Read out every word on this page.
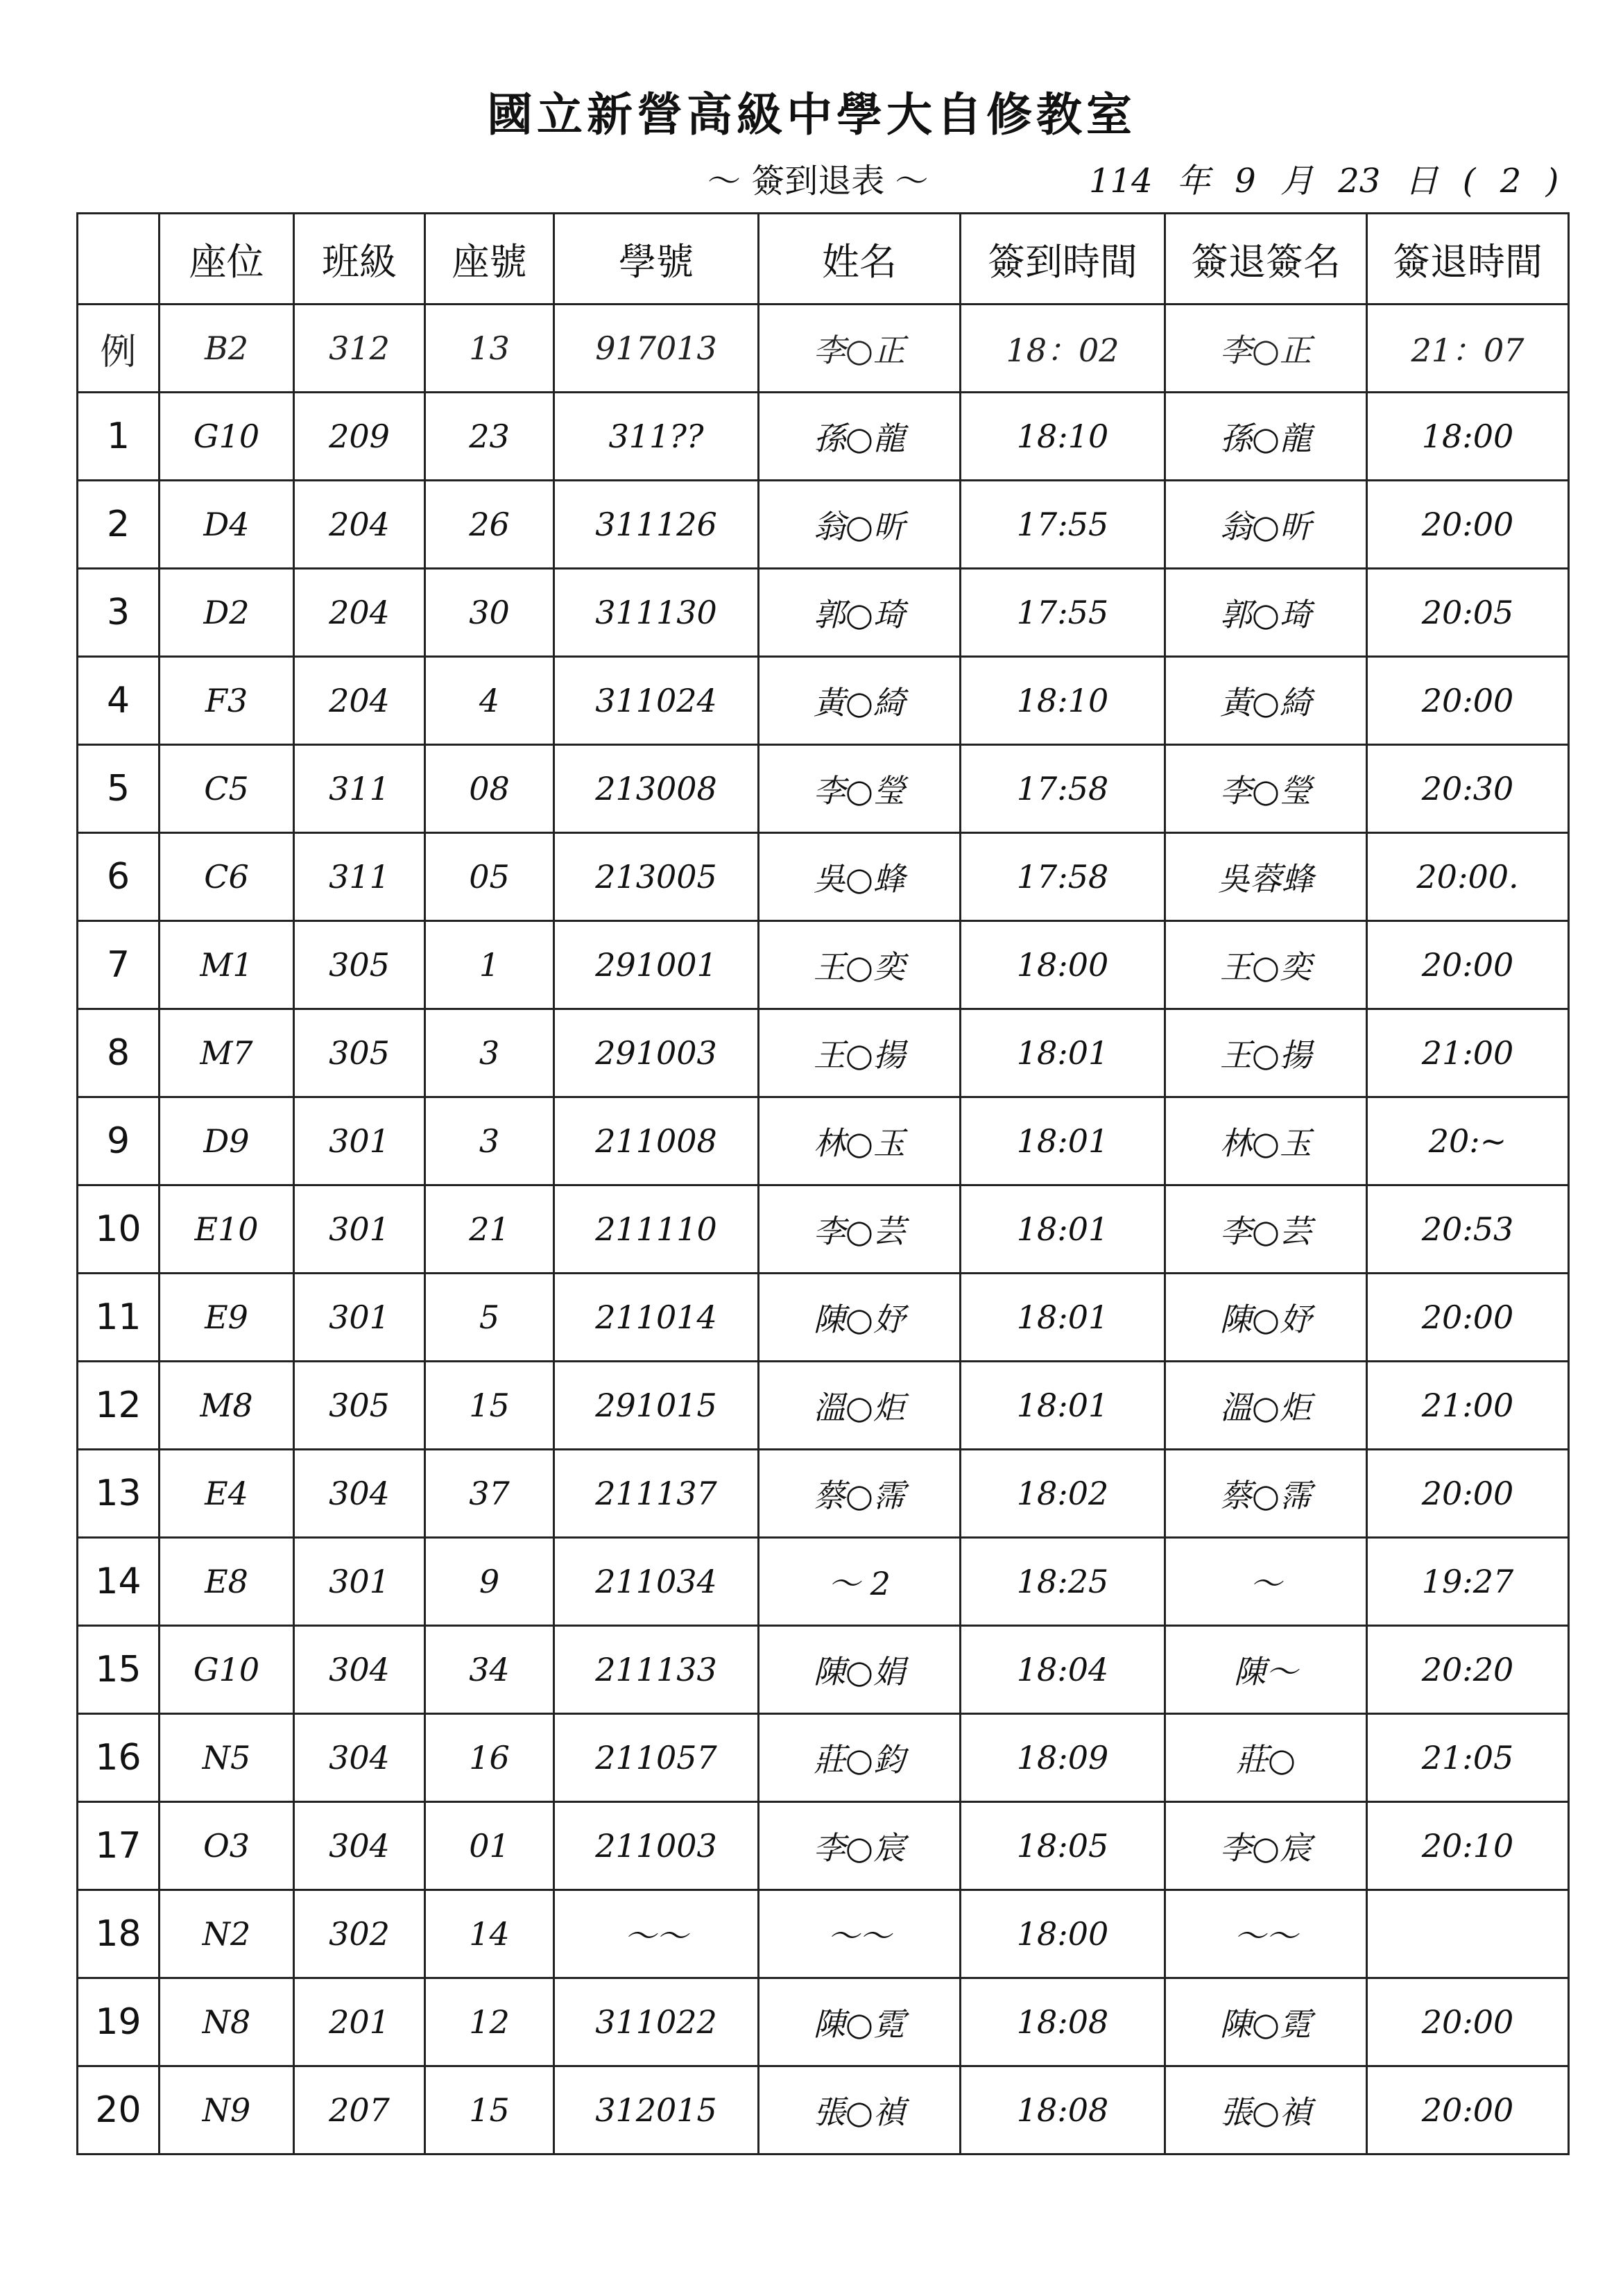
國立新營高級中學大自修教室
～ 簽到退表 ～	114 年 9 月 23 日 ( 2 )
	座位	班級	座號	學號	姓名	簽到時間	簽退簽名	簽退時間
例	B2	312	13	917013	李○正	18：02	李○正	21：07
1	G10	209	23	311??	孫○龍	18:10	孫○龍	18:00
2	D4	204	26	311126	翁○昕	17:55	翁○昕	20:00
3	D2	204	30	311130	郭○琦	17:55	郭○琦	20:05
4	F3	204	4	311024	黃○綺	18:10	黃○綺	20:00
5	C5	311	08	213008	李○瑩	17:58	李○瑩	20:30
6	C6	311	05	213005	吳○蜂	17:58	吳蓉蜂	20:00.
7	M1	305	1	291001	王○奕	18:00	王○奕	20:00
8	M7	305	3	291003	王○揚	18:01	王○揚	21:00
9	D9	301	3	211008	林○玉	18:01	林○玉	20:~
10	E10	301	21	211110	李○芸	18:01	李○芸	20:53
11	E9	301	5	211014	陳○妤	18:01	陳○妤	20:00
12	M8	305	15	291015	溫○炬	18:01	溫○炬	21:00
13	E4	304	37	211137	蔡○霈	18:02	蔡○霈	20:00
14	E8	301	9	211034	～ 2	18:25	～	19:27
15	G10	304	34	211133	陳○娟	18:04	陳～	20:20
16	N5	304	16	211057	莊○鈞	18:09	莊○	21:05
17	O3	304	01	211003	李○宸	18:05	李○宸	20:10
18	N2	302	14	～～	～～	18:00	～～	
19	N8	201	12	311022	陳○霓	18:08	陳○霓	20:00
20	N9	207	15	312015	張○禎	18:08	張○禎	20:00
